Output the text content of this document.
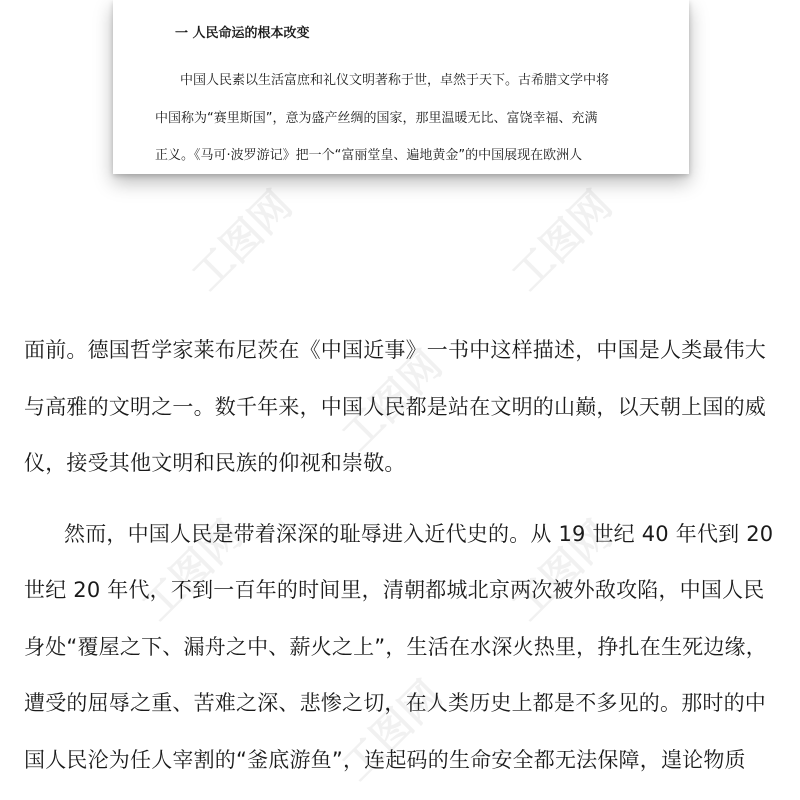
工图网	工图网
工图网
工图网	工图网
工图网
一 人民命运的根本改变
中国人民素以生活富庶和礼仪文明著称于世，卓然于天下。古希腊文学中将
中国称为“赛里斯国”，意为盛产丝绸的国家，那里温暖无比、富饶幸福、充满
正义。《马可·波罗游记》把一个“富丽堂皇、遍地黄金”的中国展现在欧洲人
面前。德国哲学家莱布尼茨在《中国近事》一书中这样描述，中国是人类最伟大
与高雅的文明之一。数千年来，中国人民都是站在文明的山巅，以天朝上国的威
仪，接受其他文明和民族的仰视和崇敬。
然而，中国人民是带着深深的耻辱进入近代史的。从 19 世纪 40 年代到 20
世纪 20 年代，不到一百年的时间里，清朝都城北京两次被外敌攻陷，中国人民
身处“覆屋之下、漏舟之中、薪火之上”，生活在水深火热里，挣扎在生死边缘，
遭受的屈辱之重、苦难之深、悲惨之切，在人类历史上都是不多见的。那时的中
国人民沦为任人宰割的“釜底游鱼”，连起码的生命安全都无法保障，遑论物质
